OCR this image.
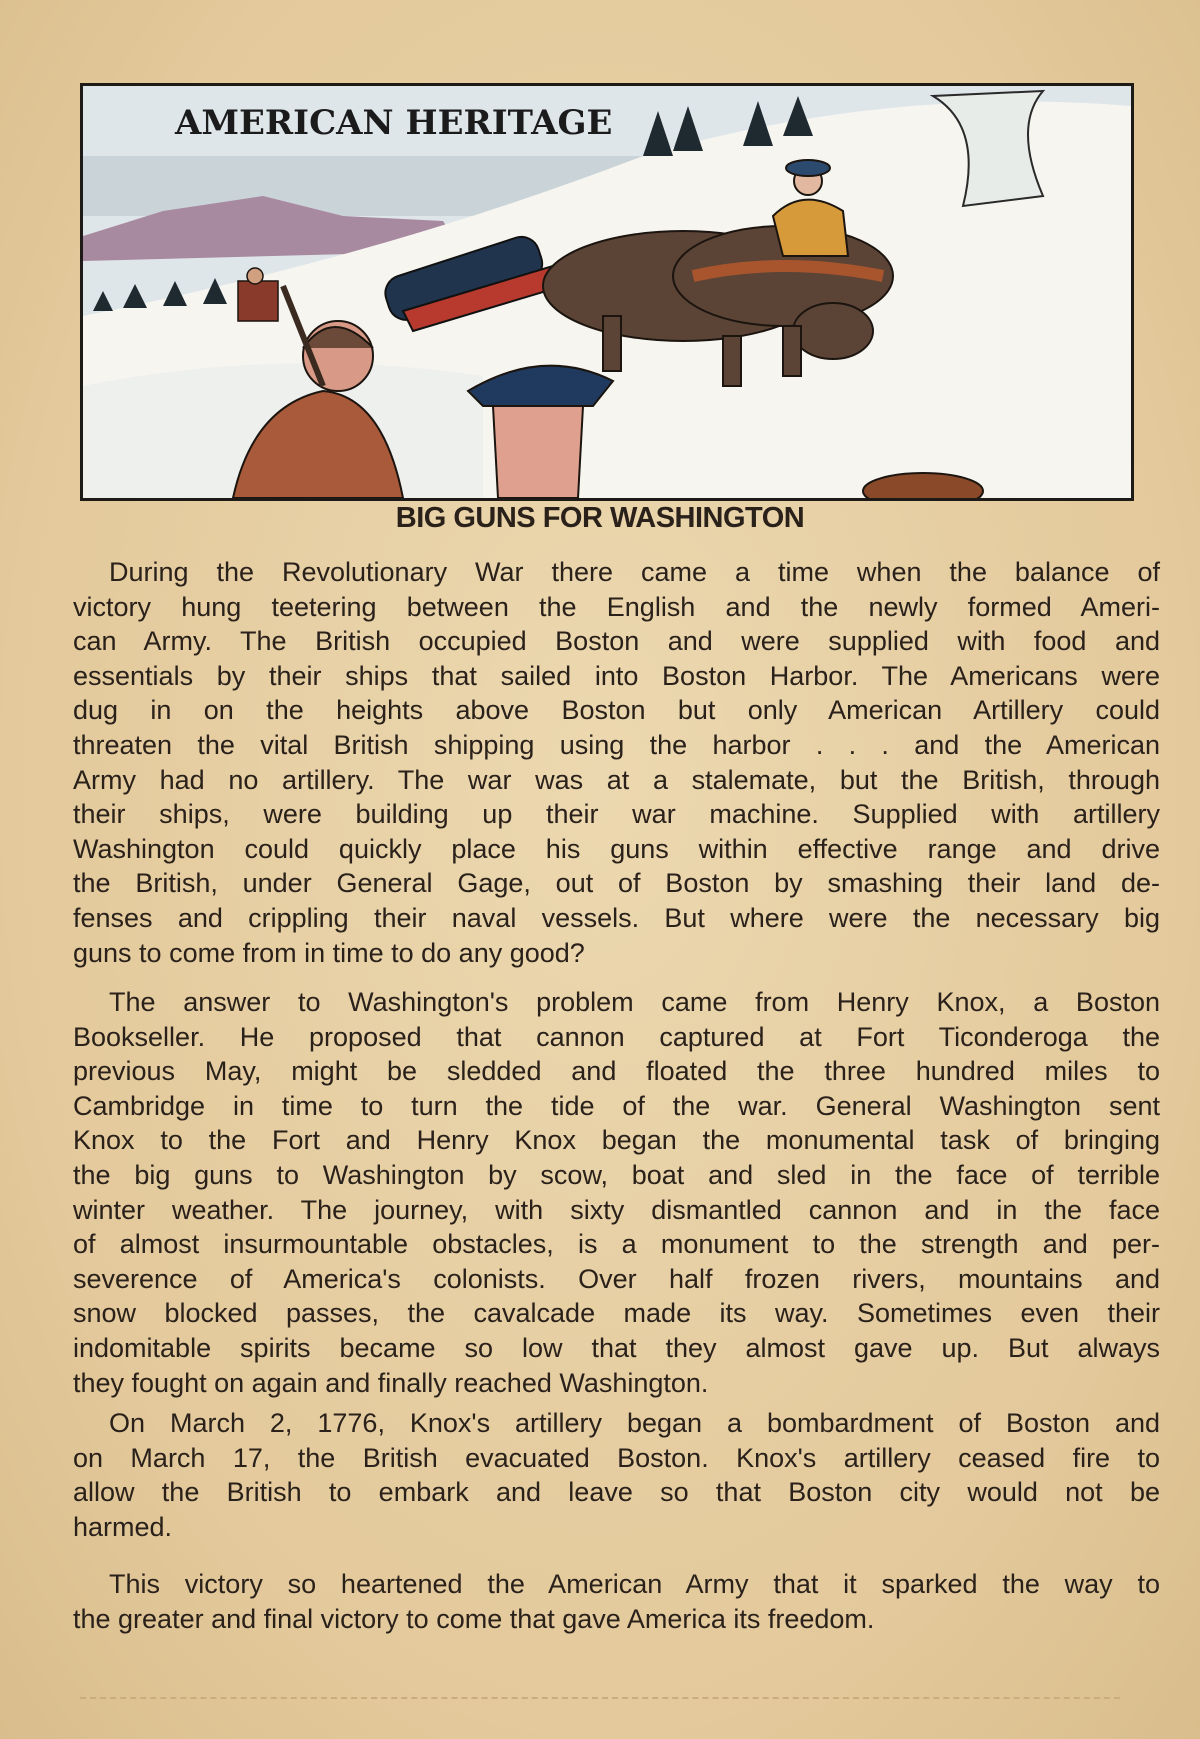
AMERICAN HERITAGE
BIG GUNS FOR WASHINGTON
During the Revolutionary War there came a time when the balance of
victory hung teetering between the English and the newly formed Ameri-
can Army. The British occupied Boston and were supplied with food and
essentials by their ships that sailed into Boston Harbor. The Americans were
dug in on the heights above Boston but only American Artillery could
threaten the vital British shipping using the harbor . . . and the American
Army had no artillery. The war was at a stalemate, but the British, through
their ships, were building up their war machine. Supplied with artillery
Washington could quickly place his guns within effective range and drive
the British, under General Gage, out of Boston by smashing their land de-
fenses and crippling their naval vessels. But where were the necessary big
guns to come from in time to do any good?
The answer to Washington's problem came from Henry Knox, a Boston
Bookseller. He proposed that cannon captured at Fort Ticonderoga the
previous May, might be sledded and floated the three hundred miles to
Cambridge in time to turn the tide of the war. General Washington sent
Knox to the Fort and Henry Knox began the monumental task of bringing
the big guns to Washington by scow, boat and sled in the face of terrible
winter weather. The journey, with sixty dismantled cannon and in the face
of almost insurmountable obstacles, is a monument to the strength and per-
severence of America's colonists. Over half frozen rivers, mountains and
snow blocked passes, the cavalcade made its way. Sometimes even their
indomitable spirits became so low that they almost gave up. But always
they fought on again and finally reached Washington.
On March 2, 1776, Knox's artillery began a bombardment of Boston and
on March 17, the British evacuated Boston. Knox's artillery ceased fire to
allow the British to embark and leave so that Boston city would not be
harmed.
This victory so heartened the American Army that it sparked the way to
the greater and final victory to come that gave America its freedom.
